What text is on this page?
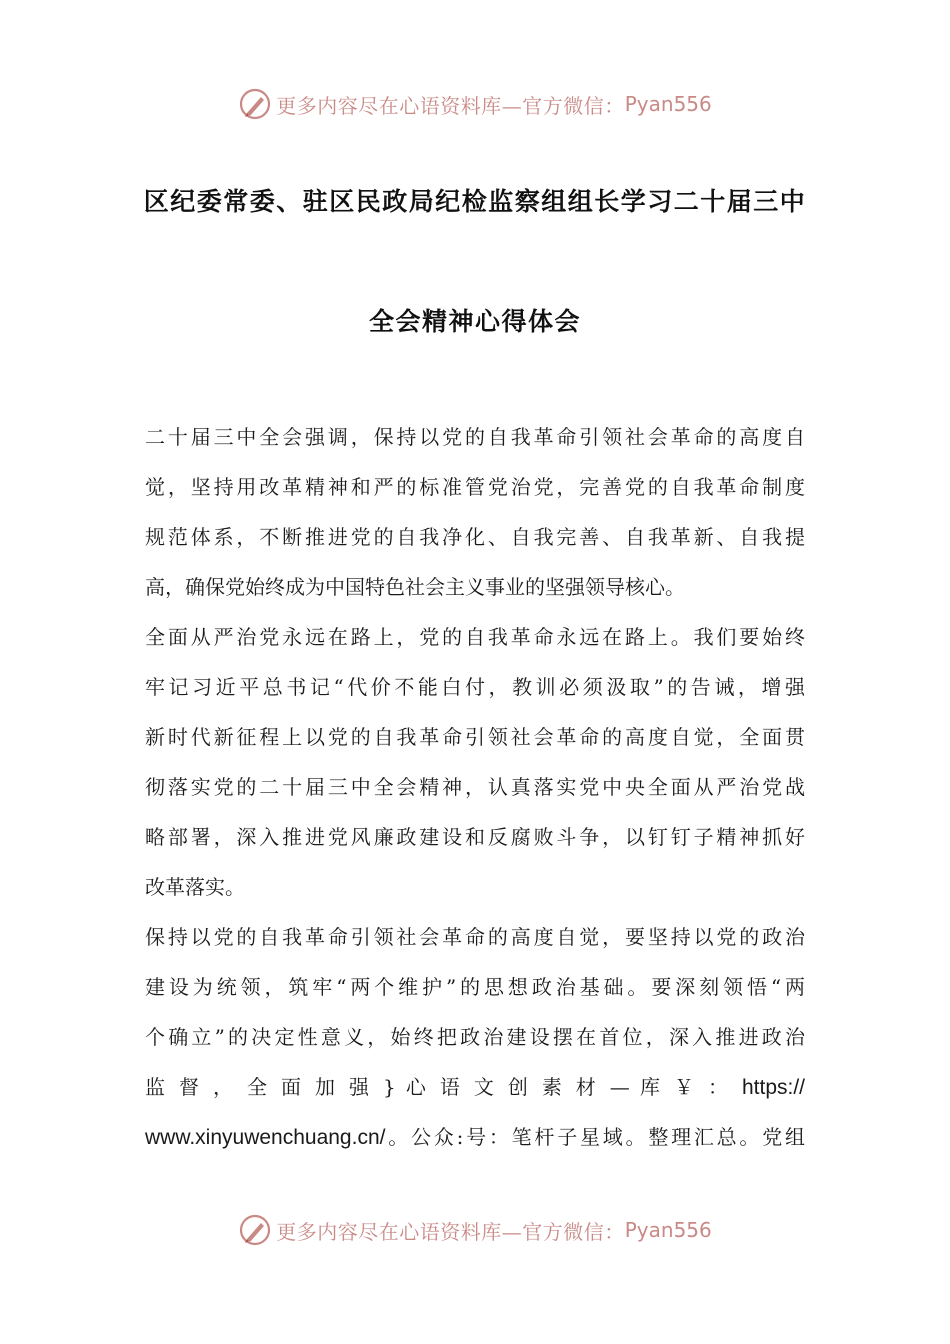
更多内容尽在心语资料库—官方微信： Pyan556
区纪委常委、驻区民政局纪检监察组组长学习二十届三中
全会精神心得体会
二十届三中全会强调，保持以党的自我革命引领社会革命的高度自
觉，坚持用改革精神和严的标准管党治党，完善党的自我革命制度
规范体系，不断推进党的自我净化、自我完善、自我革新、自我提
高，确保党始终成为中国特色社会主义事业的坚强领导核心。
全面从严治党永远在路上，党的自我革命永远在路上。我们要始终
牢记习近平总书记“代价不能白付，教训必须汲取”的告诫，增强
新时代新征程上以党的自我革命引领社会革命的高度自觉，全面贯
彻落实党的二十届三中全会精神，认真落实党中央全面从严治党战
略部署，深入推进党风廉政建设和反腐败斗争，以钉钉子精神抓好
改革落实。
保持以党的自我革命引领社会革命的高度自觉，要坚持以党的政治
建设为统领，筑牢“两个维护”的思想政治基础。要深刻领悟“两
个确立”的决定性意义，始终把政治建设摆在首位，深入推进政治
监 督 ， 全 面 加 强 } 心 语 文 创 素 材 — 库 ￥ ： https://
www.xinyuwenchuang.cn/。公众:号：笔杆子星域。整理汇总。党组
更多内容尽在心语资料库—官方微信： Pyan556
